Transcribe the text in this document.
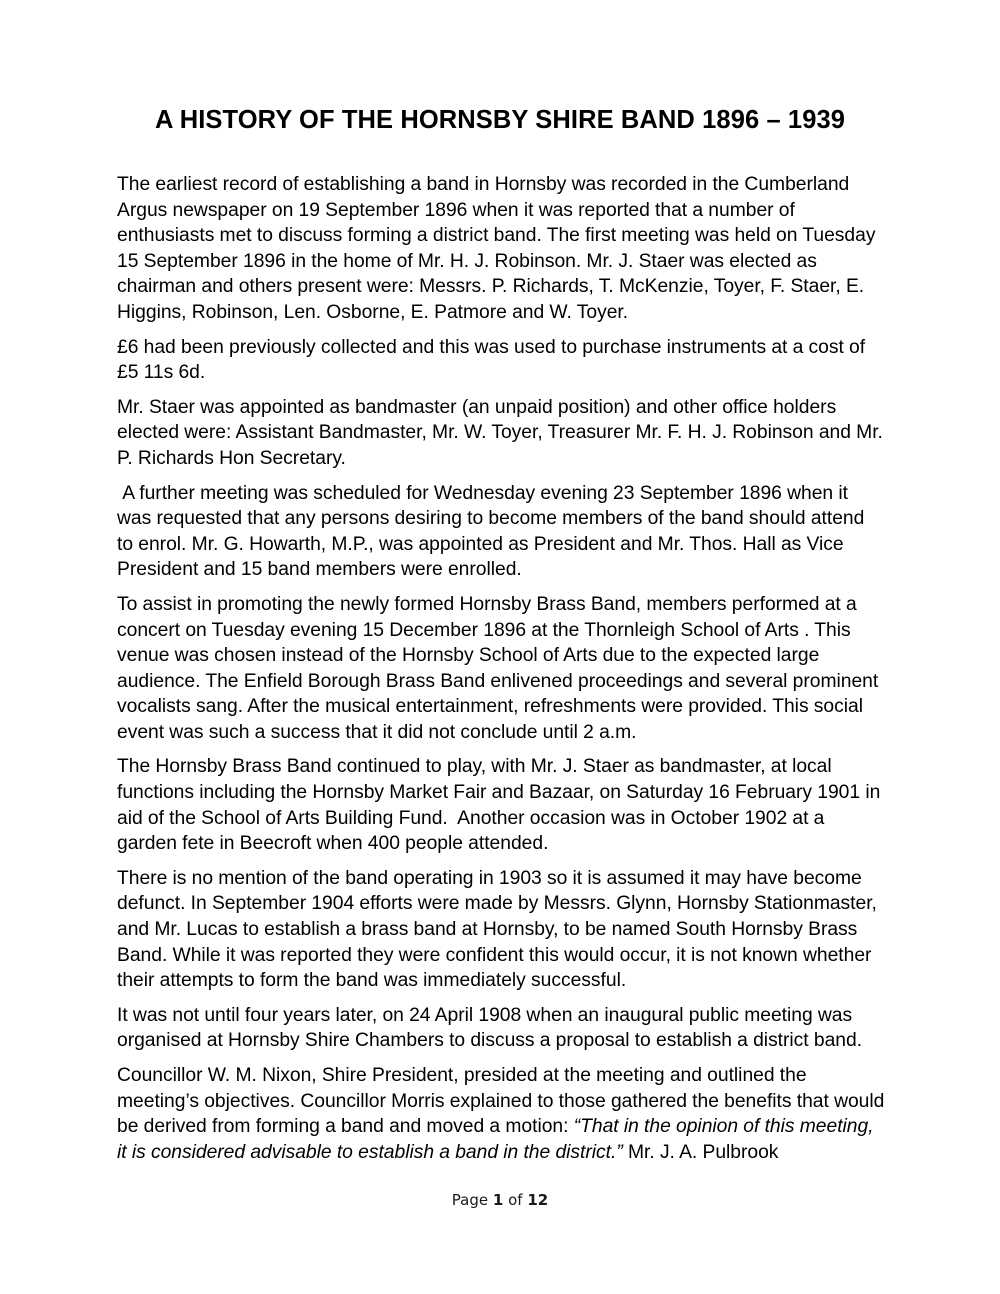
A HISTORY OF THE HORNSBY SHIRE BAND 1896 – 1939

The earliest record of establishing a band in Hornsby was recorded in the Cumberland Argus newspaper on 19 September 1896 when it was reported that a number of enthusiasts met to discuss forming a district band. The first meeting was held on Tuesday 15 September 1896 in the home of Mr. H. J. Robinson. Mr. J. Staer was elected as chairman and others present were: Messrs. P. Richards, T. McKenzie, Toyer, F. Staer, E. Higgins, Robinson, Len. Osborne, E. Patmore and W. Toyer.

£6 had been previously collected and this was used to purchase instruments at a cost of £5 11s 6d.

Mr. Staer was appointed as bandmaster (an unpaid position) and other office holders elected were: Assistant Bandmaster, Mr. W. Toyer, Treasurer Mr. F. H. J. Robinson and Mr. P. Richards Hon Secretary.

A further meeting was scheduled for Wednesday evening 23 September 1896 when it was requested that any persons desiring to become members of the band should attend to enrol. Mr. G. Howarth, M.P., was appointed as President and Mr. Thos. Hall as Vice President and 15 band members were enrolled.

To assist in promoting the newly formed Hornsby Brass Band, members performed at a concert on Tuesday evening 15 December 1896 at the Thornleigh School of Arts . This venue was chosen instead of the Hornsby School of Arts due to the expected large audience. The Enfield Borough Brass Band enlivened proceedings and several prominent vocalists sang. After the musical entertainment, refreshments were provided. This social event was such a success that it did not conclude until 2 a.m.

The Hornsby Brass Band continued to play, with Mr. J. Staer as bandmaster, at local functions including the Hornsby Market Fair and Bazaar, on Saturday 16 February 1901 in aid of the School of Arts Building Fund.  Another occasion was in October 1902 at a garden fete in Beecroft when 400 people attended.

There is no mention of the band operating in 1903 so it is assumed it may have become defunct. In September 1904 efforts were made by Messrs. Glynn, Hornsby Stationmaster, and Mr. Lucas to establish a brass band at Hornsby, to be named South Hornsby Brass Band. While it was reported they were confident this would occur, it is not known whether their attempts to form the band was immediately successful.

It was not until four years later, on 24 April 1908 when an inaugural public meeting was organised at Hornsby Shire Chambers to discuss a proposal to establish a district band.

Councillor W. M. Nixon, Shire President, presided at the meeting and outlined the meeting’s objectives. Councillor Morris explained to those gathered the benefits that would be derived from forming a band and moved a motion: “That in the opinion of this meeting, it is considered advisable to establish a band in the district.” Mr. J. A. Pulbrook

Page 1 of 12
